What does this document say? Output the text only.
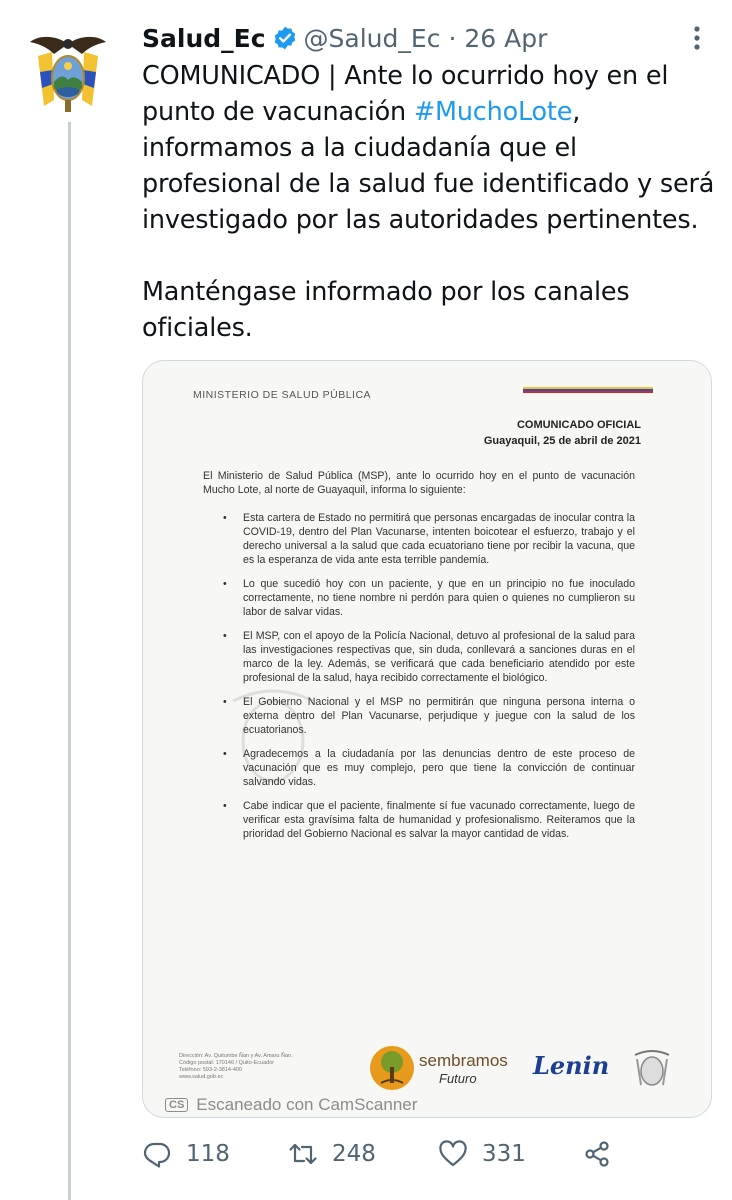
Salud_Ec @Salud_Ec · 26 Apr

COMUNICADO | Ante lo ocurrido hoy en el punto de vacunación #MuchoLote, informamos a la ciudadanía que el profesional de la salud fue identificado y será investigado por las autoridades pertinentes.

Manténgase informado por los canales oficiales.

MINISTERIO DE SALUD PÚBLICA
COMUNICADO OFICIAL
Guayaquil, 25 de abril de 2021
El Ministerio de Salud Pública (MSP), ante lo ocurrido hoy en el punto de vacunación Mucho Lote, al norte de Guayaquil, informa lo siguiente:
• Esta cartera de Estado no permitirá que personas encargadas de inocular contra la COVID-19, dentro del Plan Vacunarse, intenten boicotear el esfuerzo, trabajo y el derecho universal a la salud que cada ecuatoriano tiene por recibir la vacuna, que es la esperanza de vida ante esta terrible pandemia.
• Lo que sucedió hoy con un paciente, y que en un principio no fue inoculado correctamente, no tiene nombre ni perdón para quien o quienes no cumplieron su labor de salvar vidas.
• El MSP, con el apoyo de la Policía Nacional, detuvo al profesional de la salud para las investigaciones respectivas que, sin duda, conllevará a sanciones duras en el marco de la ley. Además, se verificará que cada beneficiario atendido por este profesional de la salud, haya recibido correctamente el biológico.
• El Gobierno Nacional y el MSP no permitirán que ninguna persona interna o externa dentro del Plan Vacunarse, perjudique y juegue con la salud de los ecuatorianos.
• Agradecemos a la ciudadanía por las denuncias dentro de este proceso de vacunación que es muy complejo, pero que tiene la convicción de continuar salvando vidas.
• Cabe indicar que el paciente, finalmente sí fue vacunado correctamente, luego de verificar esta gravísima falta de humanidad y profesionalismo. Reiteramos que la prioridad del Gobierno Nacional es salvar la mayor cantidad de vidas.
Dirección: Av. Quitumbe Ñan y Av. Amaru Ñan.
Código postal: 170146 / Quito-Ecuador
Teléfono: 593-2-3814-400
www.salud.gob.ec
sembramos
Futuro Lenin
CS Escaneado con CamScanner
118	248	331
